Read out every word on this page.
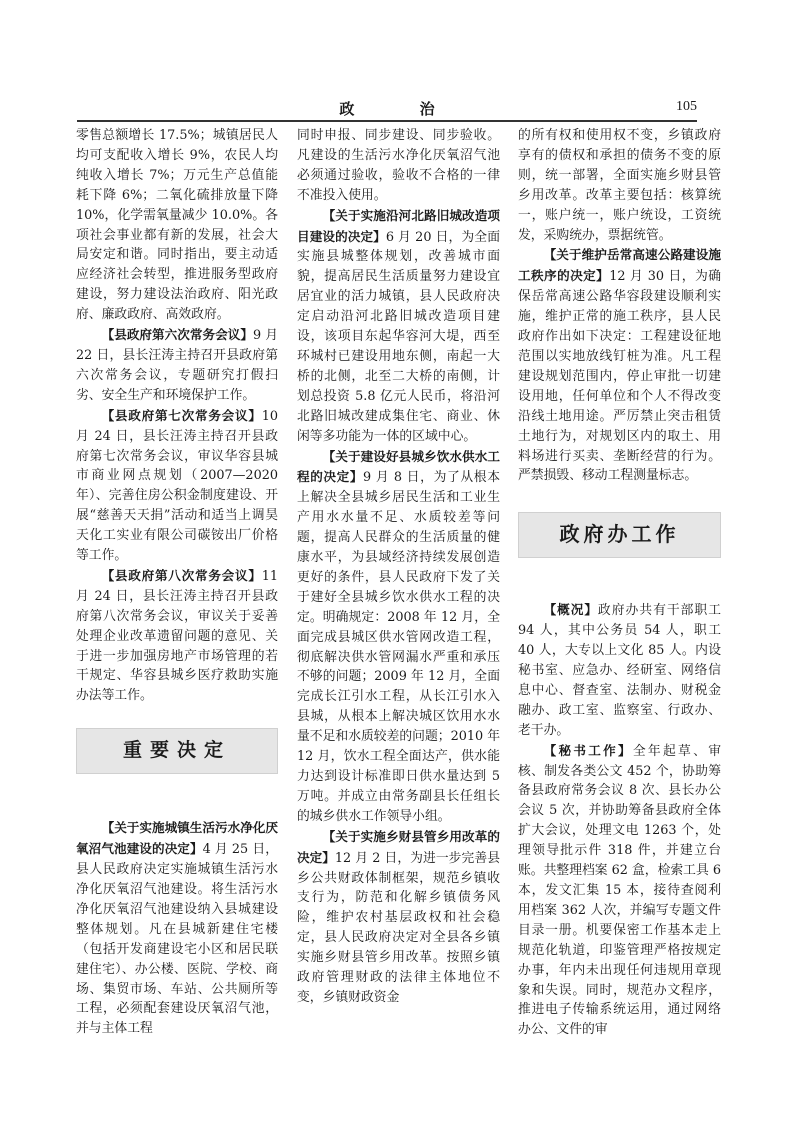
政 治	105

零售总额增长 17.5%；城镇居民人均可支配收入增长 9%，农民人均纯收入增长 7%；万元生产总值能耗下降 6%；二氧化硫排放量下降 10%，化学需氧量减少 10.0%。各项社会事业都有新的发展，社会大局安定和谐。同时指出，要主动适应经济社会转型，推进服务型政府建设，努力建设法治政府、阳光政府、廉政政府、高效政府。

【县政府第六次常务会议】9 月 22 日，县长汪涛主持召开县政府第六次常务会议，专题研究打假扫劣、安全生产和环境保护工作。

【县政府第七次常务会议】10 月 24 日，县长汪涛主持召开县政府第七次常务会议，审议华容县城市商业网点规划（2007—2020 年）、完善住房公积金制度建设、开展“慈善天天捐”活动和适当上调昊天化工实业有限公司碳铵出厂价格等工作。

【县政府第八次常务会议】11 月 24 日，县长汪涛主持召开县政府第八次常务会议，审议关于妥善处理企业改革遗留问题的意见、关于进一步加强房地产市场管理的若干规定、华容县城乡医疗救助实施办法等工作。

重要决定

【关于实施城镇生活污水净化厌氧沼气池建设的决定】4 月 25 日，县人民政府决定实施城镇生活污水净化厌氧沼气池建设。将生活污水净化厌氧沼气池建设纳入县城建设整体规划。凡在县城新建住宅楼（包括开发商建设宅小区和居民联建住宅）、办公楼、医院、学校、商场、集贸市场、车站、公共厕所等工程，必须配套建设厌氧沼气池，并与主体工程

同时申报、同步建设、同步验收。凡建设的生活污水净化厌氧沼气池必须通过验收，验收不合格的一律不准投入使用。

【关于实施沿河北路旧城改造项目建设的决定】6 月 20 日，为全面实施县城整体规划，改善城市面貌，提高居民生活质量努力建设宜居宜业的活力城镇，县人民政府决定启动沿河北路旧城改造项目建设，该项目东起华容河大堤，西至环城村已建设用地东侧，南起一大桥的北侧，北至二大桥的南侧，计划总投资 5.8 亿元人民币，将沿河北路旧城改建成集住宅、商业、休闲等多功能为一体的区域中心。

【关于建设好县城乡饮水供水工程的决定】9 月 8 日，为了从根本上解决全县城乡居民生活和工业生产用水水量不足、水质较差等问题，提高人民群众的生活质量的健康水平，为县域经济持续发展创造更好的条件，县人民政府下发了关于建好全县城乡饮水供水工程的决定。明确规定：2008 年 12 月，全面完成县城区供水管网改造工程，彻底解决供水管网漏水严重和承压不够的问题；2009 年 12 月，全面完成长江引水工程，从长江引水入县城，从根本上解决城区饮用水水量不足和水质较差的问题；2010 年 12 月，饮水工程全面达产，供水能力达到设计标准即日供水量达到 5 万吨。并成立由常务副县长任组长的城乡供水工作领导小组。

【关于实施乡财县管乡用改革的决定】12 月 2 日，为进一步完善县乡公共财政体制框架，规范乡镇收支行为，防范和化解乡镇债务风险，维护农村基层政权和社会稳定，县人民政府决定对全县各乡镇实施乡财县管乡用改革。按照乡镇政府管理财政的法律主体地位不变，乡镇财政资金

的所有权和使用权不变，乡镇政府享有的债权和承担的债务不变的原则，统一部署，全面实施乡财县管乡用改革。改革主要包括：核算统一，账户统一，账户统设，工资统发，采购统办，票据统管。

【关于维护岳常高速公路建设施工秩序的决定】12 月 30 日，为确保岳常高速公路华容段建设顺利实施，维护正常的施工秩序，县人民政府作出如下决定：工程建设征地范围以实地放线钉桩为准。凡工程建设规划范围内，停止审批一切建设用地，任何单位和个人不得改变沿线土地用途。严厉禁止突击租赁土地行为，对规划区内的取土、用料场进行买卖、垄断经营的行为。严禁损毁、移动工程测量标志。

政府办工作

【概况】政府办共有干部职工 94 人，其中公务员 54 人，职工 40 人，大专以上文化 85 人。内设秘书室、应急办、经研室、网络信息中心、督查室、法制办、财税金融办、政工室、监察室、行政办、老干办。

【秘书工作】全年起草、审核、制发各类公文 452 个，协助筹备县政府常务会议 8 次、县长办公会议 5 次，并协助筹备县政府全体扩大会议，处理文电 1263 个，处理领导批示件 318 件，并建立台账。共整理档案 62 盒，检索工具 6 本，发文汇集 15 本，接待查阅利用档案 362 人次，并编写专题文件目录一册。机要保密工作基本走上规范化轨道，印鉴管理严格按规定办事，年内未出现任何违规用章现象和失误。同时，规范办文程序，推进电子传输系统运用，通过网络办公、文件的审
